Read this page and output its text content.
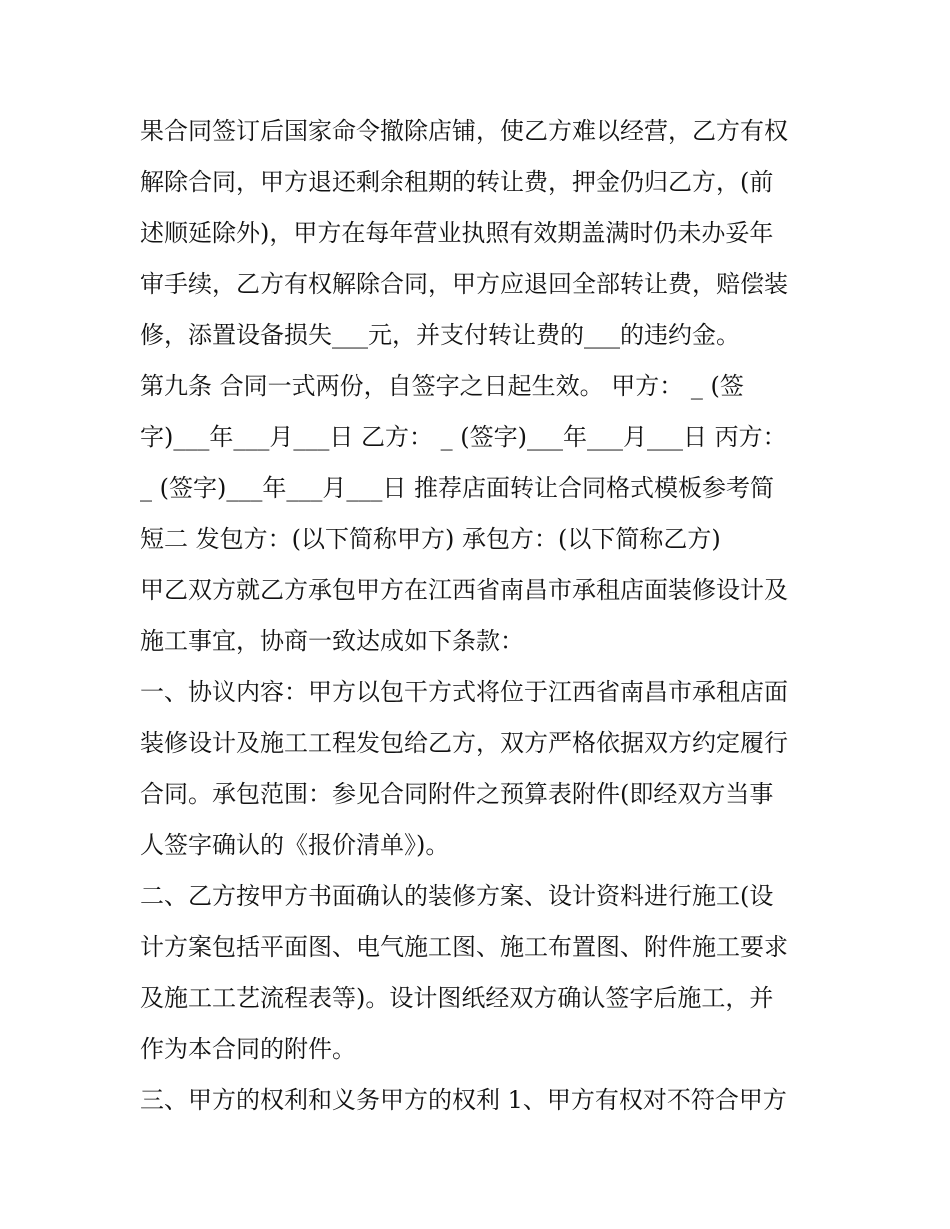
果合同签订后国家命令撤除店铺，使乙方难以经营，乙方有权
解除合同，甲方退还剩余租期的转让费，押金仍归乙方，(前
述顺延除外)，甲方在每年营业执照有效期盖满时仍未办妥年
审手续，乙方有权解除合同，甲方应退回全部转让费，赔偿装
修，添置设备损失___元，并支付转让费的___的违约金。
第九条 合同一式两份，自签字之日起生效。 甲方： _ (签
字)___年___月___日 乙方： _ (签字)___年___月___日 丙方：
_ (签字)___年___月___日 推荐店面转让合同格式模板参考简
短二 发包方：(以下简称甲方) 承包方：(以下简称乙方)
甲乙双方就乙方承包甲方在江西省南昌市承租店面装修设计及
施工事宜，协商一致达成如下条款：
一、协议内容：甲方以包干方式将位于江西省南昌市承租店面
装修设计及施工工程发包给乙方，双方严格依据双方约定履行
合同。承包范围：参见合同附件之预算表附件(即经双方当事
人签字确认的《报价清单》)。
二、乙方按甲方书面确认的装修方案、设计资料进行施工(设
计方案包括平面图、电气施工图、施工布置图、附件施工要求
及施工工艺流程表等)。设计图纸经双方确认签字后施工，并
作为本合同的附件。
三、甲方的权利和义务甲方的权利 1、甲方有权对不符合甲方
